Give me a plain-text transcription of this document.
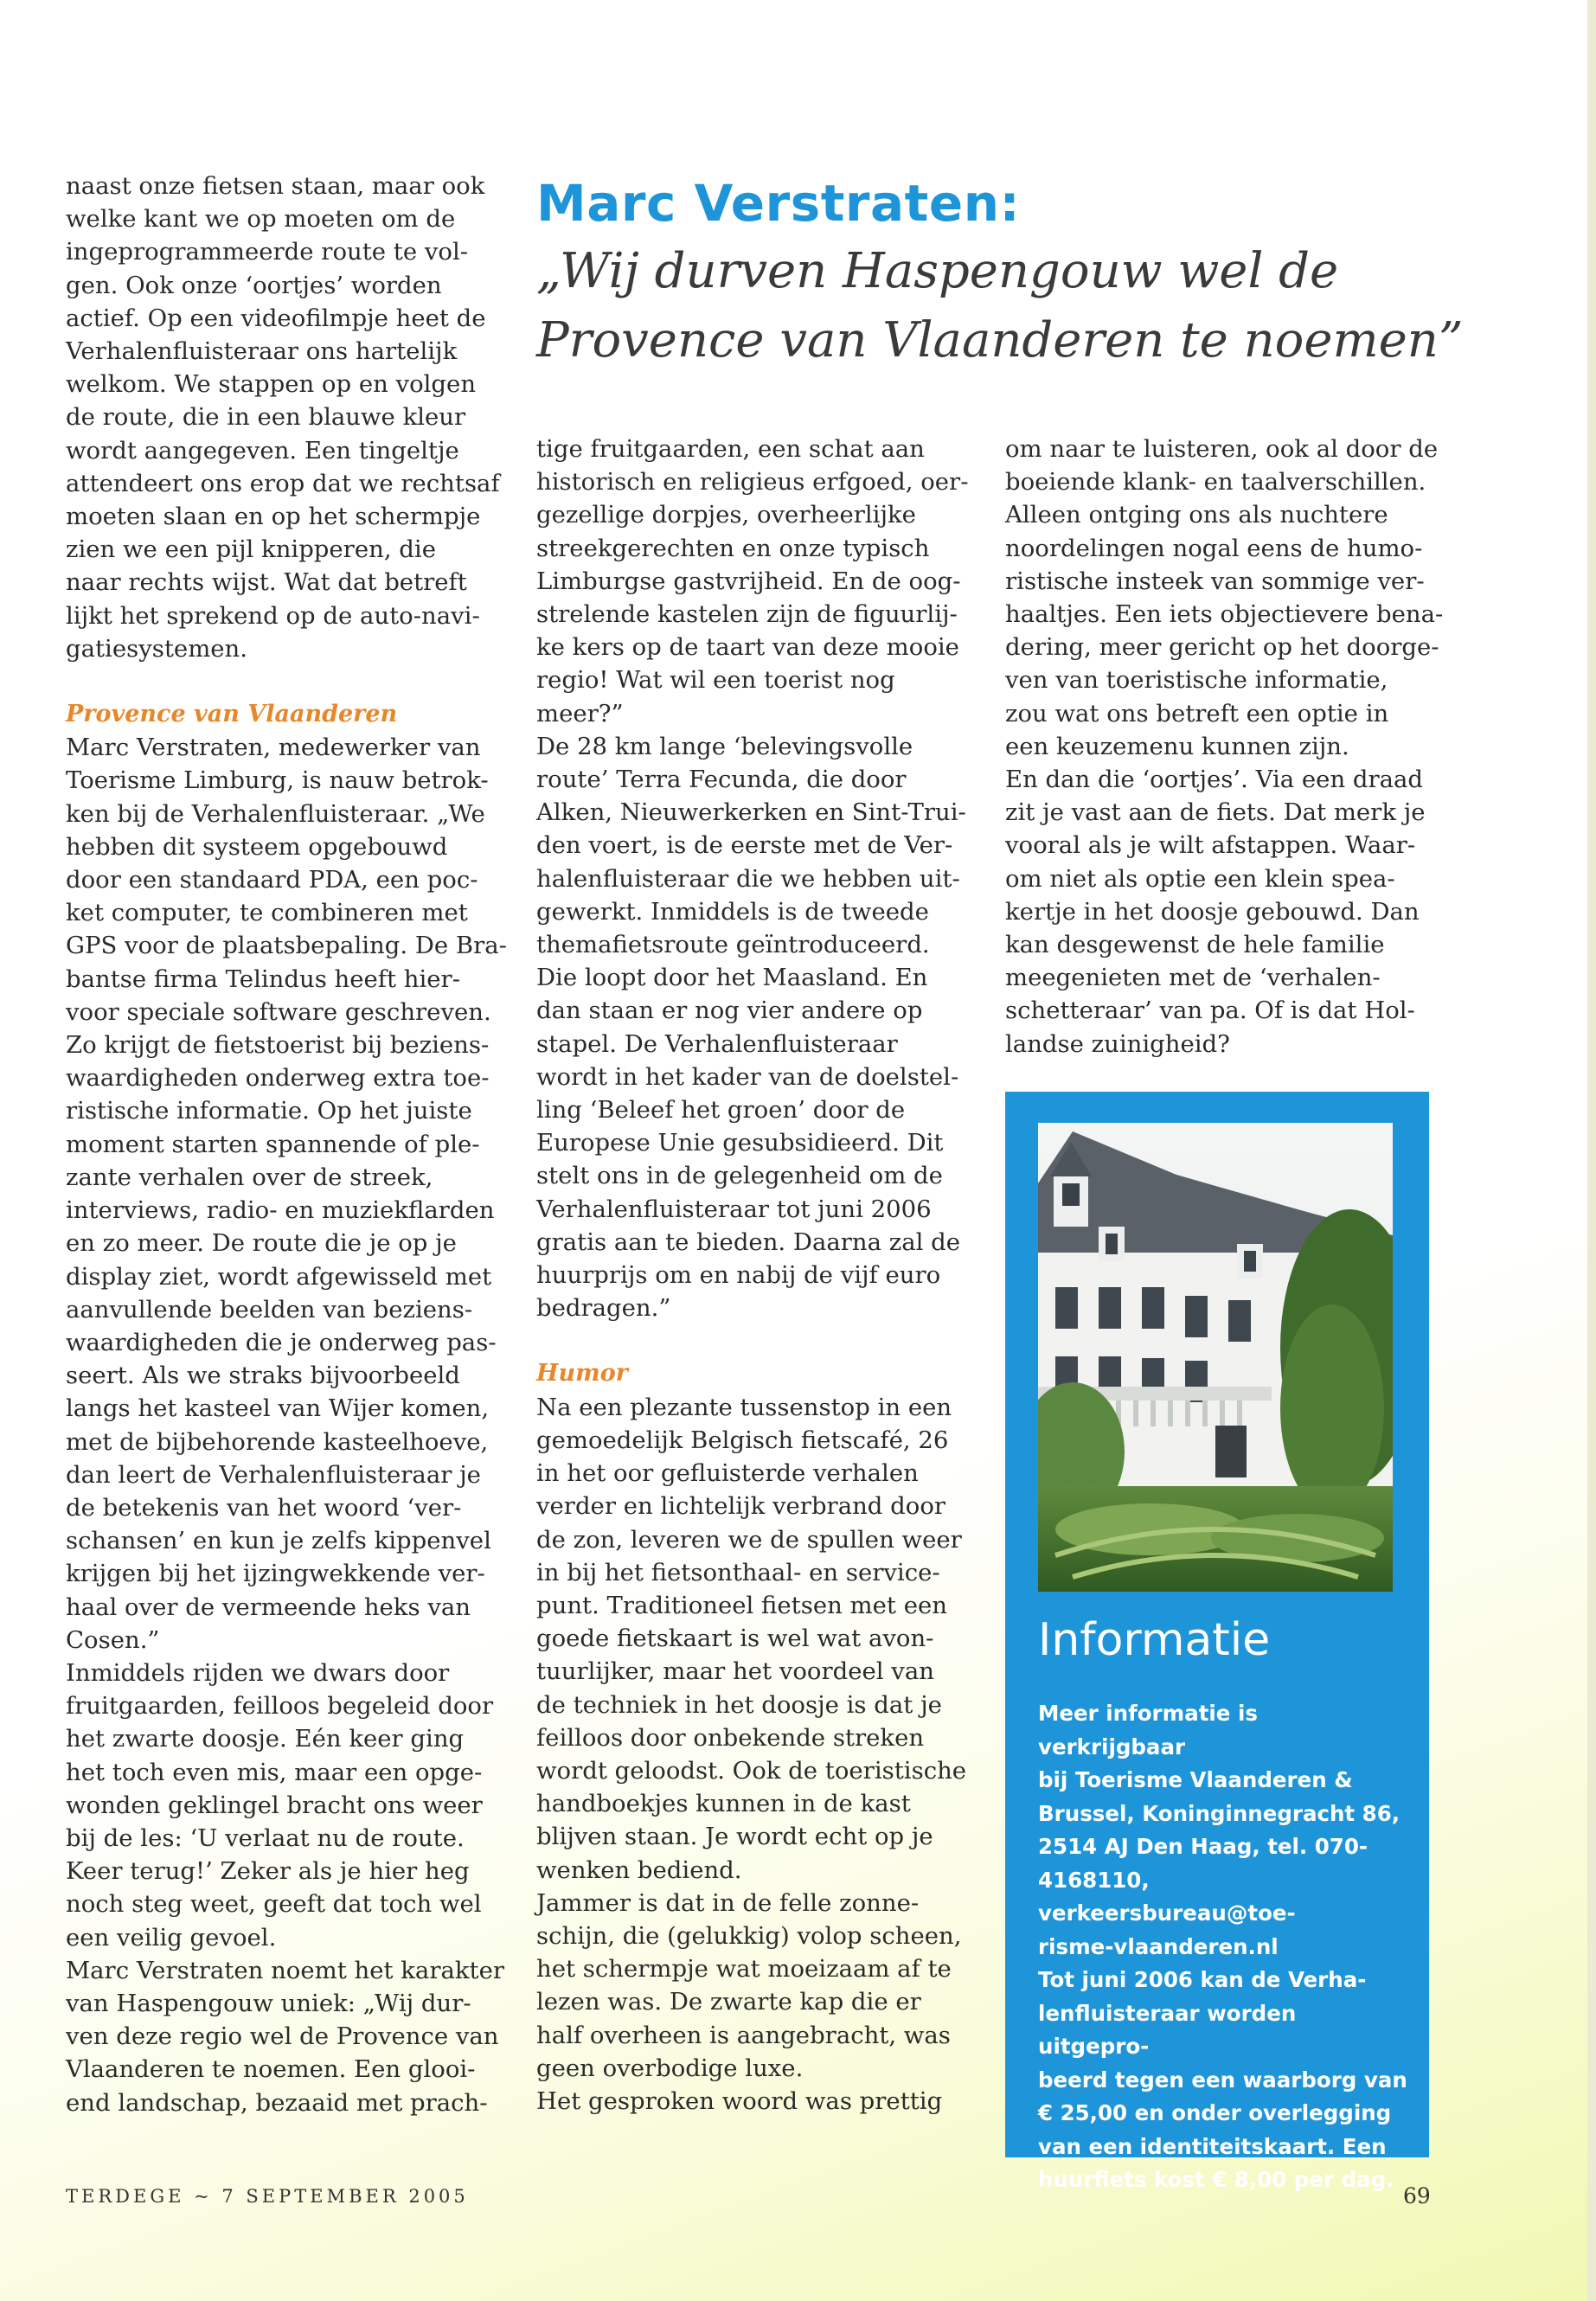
naast onze fietsen staan, maar ook
welke kant we op moeten om de
ingeprogrammeerde route te vol-
gen. Ook onze ‘oortjes’ worden
actief. Op een videofilmpje heet de
Verhalenfluisteraar ons hartelijk
welkom. We stappen op en volgen
de route, die in een blauwe kleur
wordt aangegeven. Een tingeltje
attendeert ons erop dat we rechtsaf
moeten slaan en op het schermpje
zien we een pijl knipperen, die
naar rechts wijst. Wat dat betreft
lijkt het sprekend op de auto-navi-
gatiesystemen.

Provence van Vlaanderen

Marc Verstraten, medewerker van
Toerisme Limburg, is nauw betrok-
ken bij de Verhalenfluisteraar. „We
hebben dit systeem opgebouwd
door een standaard PDA, een poc-
ket computer, te combineren met
GPS voor de plaatsbepaling. De Bra-
bantse firma Telindus heeft hier-
voor speciale software geschreven.
Zo krijgt de fietstoerist bij beziens-
waardigheden onderweg extra toe-
ristische informatie. Op het juiste
moment starten spannende of ple-
zante verhalen over de streek,
interviews, radio- en muziekflarden
en zo meer. De route die je op je
display ziet, wordt afgewisseld met
aanvullende beelden van beziens-
waardigheden die je onderweg pas-
seert. Als we straks bijvoorbeeld
langs het kasteel van Wijer komen,
met de bijbehorende kasteelhoeve,
dan leert de Verhalenfluisteraar je
de betekenis van het woord ‘ver-
schansen’ en kun je zelfs kippenvel
krijgen bij het ijzingwekkende ver-
haal over de vermeende heks van
Cosen.”

Inmiddels rijden we dwars door
fruitgaarden, feilloos begeleid door
het zwarte doosje. Eén keer ging
het toch even mis, maar een opge-
wonden geklingel bracht ons weer
bij de les: ‘U verlaat nu de route.
Keer terug!’ Zeker als je hier heg
noch steg weet, geeft dat toch wel
een veilig gevoel.

Marc Verstraten noemt het karakter
van Haspengouw uniek: „Wij dur-
ven deze regio wel de Provence van
Vlaanderen te noemen. Een glooi-
end landschap, bezaaid met prach-

Marc Verstraten:
„Wij durven Haspengouw wel de
Provence van Vlaanderen te noemen”

tige fruitgaarden, een schat aan
historisch en religieus erfgoed, oer-
gezellige dorpjes, overheerlijke
streekgerechten en onze typisch
Limburgse gastvrijheid. En de oog-
strelende kastelen zijn de figuurlij-
ke kers op de taart van deze mooie
regio! Wat wil een toerist nog
meer?”

De 28 km lange ‘belevingsvolle
route’ Terra Fecunda, die door
Alken, Nieuwerkerken en Sint-Trui-
den voert, is de eerste met de Ver-
halenfluisteraar die we hebben uit-
gewerkt. Inmiddels is de tweede
themafietsroute geïntroduceerd.
Die loopt door het Maasland. En
dan staan er nog vier andere op
stapel. De Verhalenfluisteraar
wordt in het kader van de doelstel-
ling ‘Beleef het groen’ door de
Europese Unie gesubsidieerd. Dit
stelt ons in de gelegenheid om de
Verhalenfluisteraar tot juni 2006
gratis aan te bieden. Daarna zal de
huurprijs om en nabij de vijf euro
bedragen.”

Humor

Na een plezante tussenstop in een
gemoedelijk Belgisch fietscafé, 26
in het oor gefluisterde verhalen
verder en lichtelijk verbrand door
de zon, leveren we de spullen weer
in bij het fietsonthaal- en service-
punt. Traditioneel fietsen met een
goede fietskaart is wel wat avon-
tuurlijker, maar het voordeel van
de techniek in het doosje is dat je
feilloos door onbekende streken
wordt geloodst. Ook de toeristische
handboekjes kunnen in de kast
blijven staan. Je wordt echt op je
wenken bediend.

Jammer is dat in de felle zonne-
schijn, die (gelukkig) volop scheen,
het schermpje wat moeizaam af te
lezen was. De zwarte kap die er
half overheen is aangebracht, was
geen overbodige luxe.

Het gesproken woord was prettig

om naar te luisteren, ook al door de
boeiende klank- en taalverschillen.
Alleen ontging ons als nuchtere
noordelingen nogal eens de humo-
ristische insteek van sommige ver-
haaltjes. Een iets objectievere bena-
dering, meer gericht op het doorge-
ven van toeristische informatie,
zou wat ons betreft een optie in
een keuzemenu kunnen zijn.

En dan die ‘oortjes’. Via een draad
zit je vast aan de fiets. Dat merk je
vooral als je wilt afstappen. Waar-
om niet als optie een klein spea-
kertje in het doosje gebouwd. Dan
kan desgewenst de hele familie
meegenieten met de ‘verhalen-
schetteraar’ van pa. Of is dat Hol-
landse zuinigheid?

Informatie
Meer informatie is verkrijgbaar
bij Toerisme Vlaanderen &
Brussel, Koninginnegracht 86,
2514 AJ Den Haag, tel. 070-
4168110, verkeersbureau@toe-
risme-vlaanderen.nl
Tot juni 2006 kan de Verha-
lenfluisteraar worden uitgepro-
beerd tegen een waarborg van
€ 25,00 en onder overlegging
van een identiteitskaart. Een
huurfiets kost € 8,00 per dag.
TERDEGE ~ 7 SEPTEMBER 2005	69
